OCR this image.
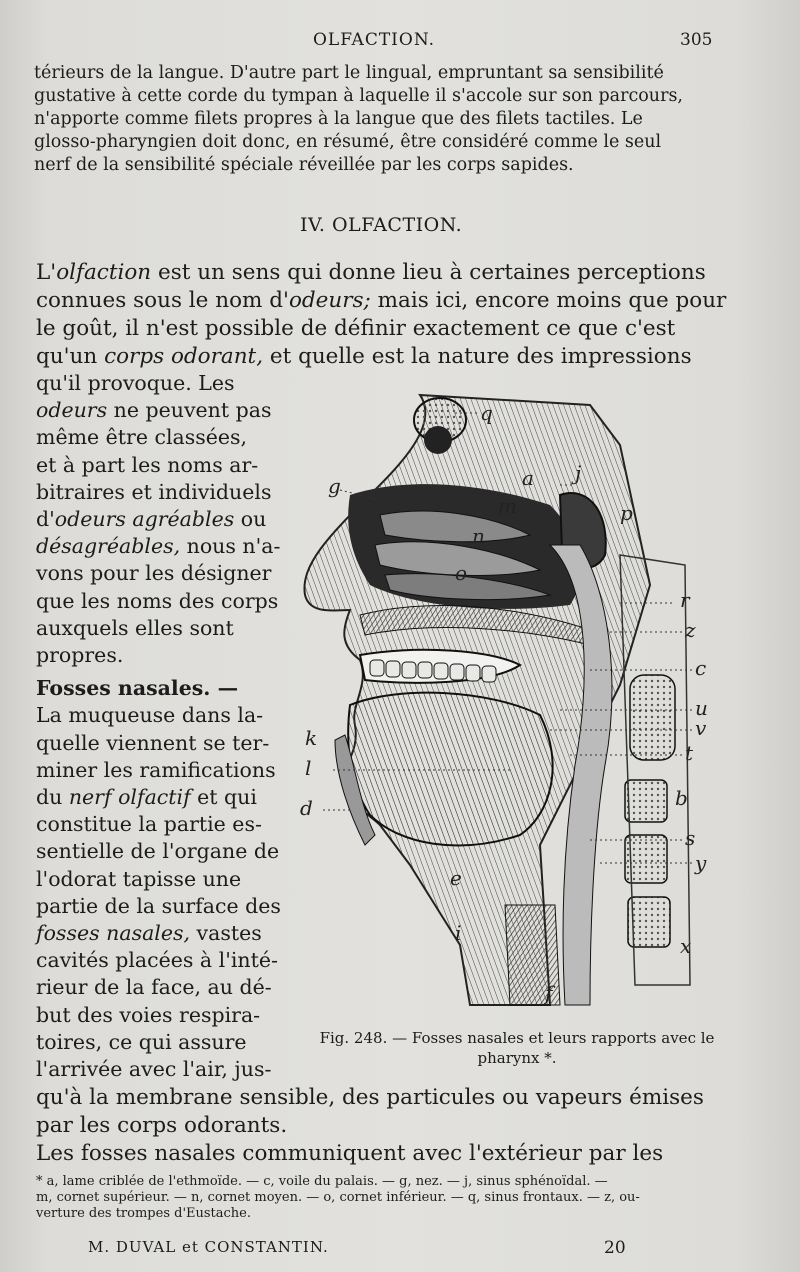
OLFACTION.	305
térieurs de la langue. D'autre part le lingual, empruntant sa sensibilité
gustative à cette corde du tympan à laquelle il s'accole sur son parcours,
n'apporte comme filets propres à la langue que des filets tactiles. Le
glosso-pharyngien doit donc, en résumé, être considéré comme le seul
nerf de la sensibilité spéciale réveillée par les corps sapides.
IV. OLFACTION.
L'olfaction est un sens qui donne lieu à certaines perceptions
connues sous le nom d'odeurs; mais ici, encore moins que pour
le goût, il n'est possible de définir exactement ce que c'est
qu'un corps odorant, et quelle est la nature des impressions
qu'il provoque. Les
odeurs ne peuvent pas
même être classées,
et à part les noms ar-
bitraires et individuels
d'odeurs agréables ou
désagréables, nous n'a-
vons pour les désigner
que les noms des corps
auxquels elles sont
propres.
Fosses nasales. —
La muqueuse dans la-
quelle viennent se ter-
miner les ramifications
du nerf olfactif et qui
constitue la partie es-
sentielle de l'organe de
l'odorat tapisse une
partie de la surface des
fosses nasales, vastes
cavités placées à l'inté-
rieur de la face, au dé-
but des voies respira-
toires, ce qui assure
l'arrivée avec l'air, jus-
q
g	a j
m
n
p
o
r
z
c
u
v
k
t
l
d	b
s
y
e
i
x
f
Fig. 248. — Fosses nasales et leurs rapports avec le pharynx *.
qu'à la membrane sensible, des particules ou vapeurs émises
par les corps odorants.
Les fosses nasales communiquent avec l'extérieur par les
* a, lame criblée de l'ethmoïde. — c, voile du palais. — g, nez. — j, sinus sphénoïdal. —
m, cornet supérieur. — n, cornet moyen. — o, cornet inférieur. — q, sinus frontaux. — z, ou-
verture des trompes d'Eustache.
M. DUVAL et CONSTANTIN.	20
